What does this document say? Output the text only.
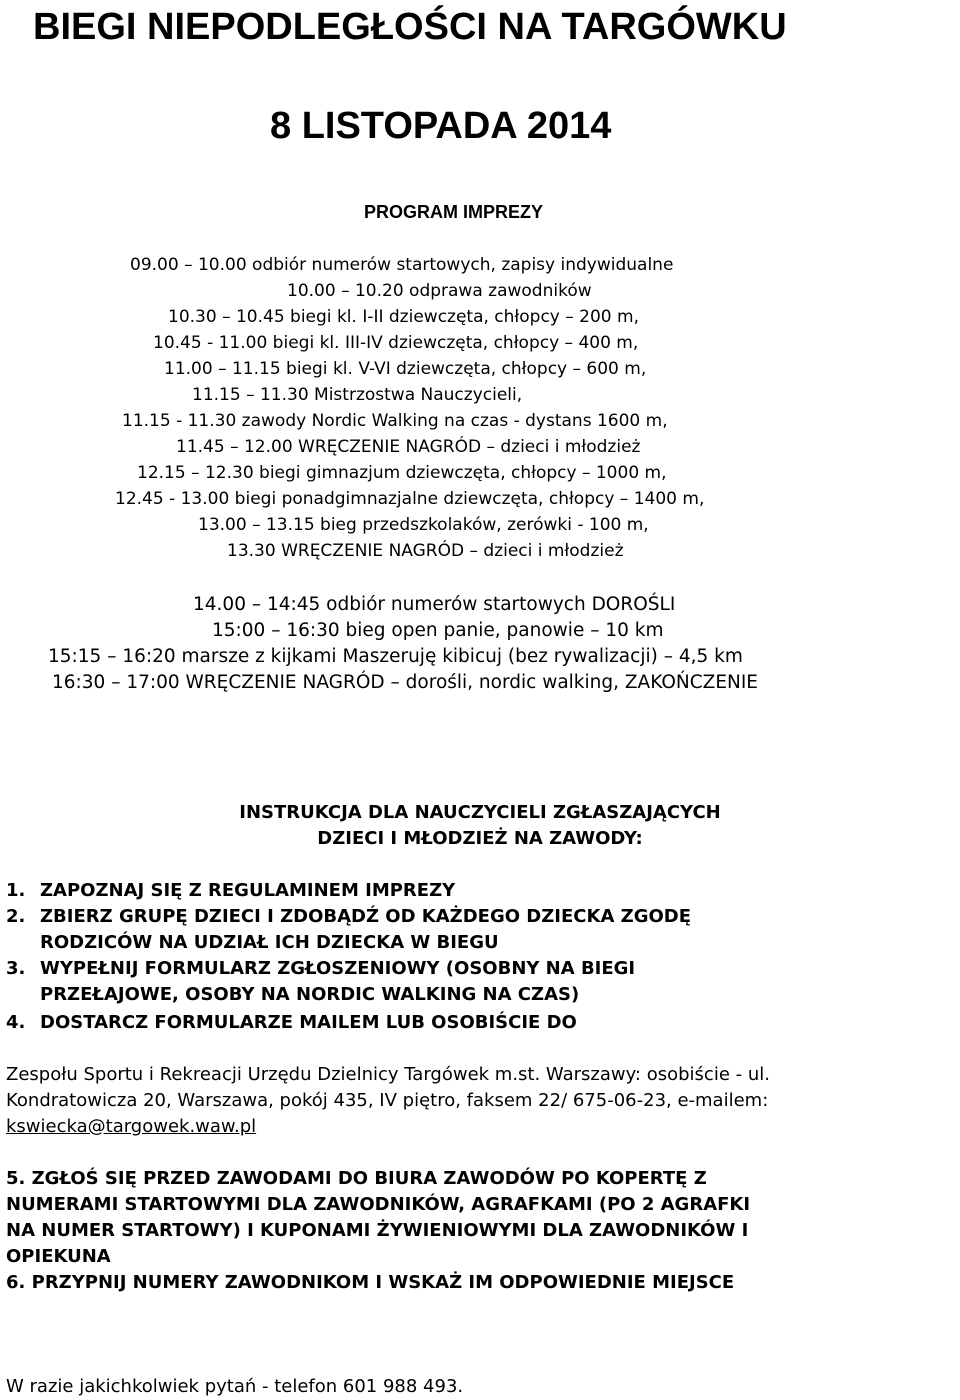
BIEGI NIEPODLEGŁOŚCI NA TARGÓWKU
8 LISTOPADA 2014
PROGRAM IMPREZY
09.00 – 10.00 odbiór numerów startowych, zapisy indywidualne
10.00 – 10.20 odprawa zawodników
10.30 – 10.45 biegi kl. I-II dziewczęta, chłopcy – 200 m,
10.45 - 11.00 biegi kl. III-IV dziewczęta, chłopcy – 400 m,
11.00 – 11.15 biegi kl. V-VI dziewczęta, chłopcy – 600 m,
11.15 – 11.30 Mistrzostwa Nauczycieli,
11.15 - 11.30 zawody Nordic Walking na czas - dystans 1600 m,
11.45 – 12.00 WRĘCZENIE NAGRÓD – dzieci i młodzież
12.15 – 12.30 biegi gimnazjum dziewczęta, chłopcy – 1000 m,
12.45 - 13.00 biegi ponadgimnazjalne dziewczęta, chłopcy – 1400 m,
13.00 – 13.15 bieg przedszkolaków, zerówki - 100 m,
13.30 WRĘCZENIE NAGRÓD – dzieci i młodzież
14.00 – 14:45 odbiór numerów startowych DOROŚLI
15:00 – 16:30 bieg open panie, panowie – 10 km
15:15 – 16:20 marsze z kijkami Maszeruję kibicuj (bez rywalizacji) – 4,5 km
16:30 – 17:00 WRĘCZENIE NAGRÓD – dorośli, nordic walking, ZAKOŃCZENIE
INSTRUKCJA DLA NAUCZYCIELI ZGŁASZAJĄCYCH
DZIECI I MŁODZIEŻ NA ZAWODY:
1. ZAPOZNAJ SIĘ Z REGULAMINEM IMPREZY
2. ZBIERZ GRUPĘ DZIECI I ZDOBĄDŹ OD KAŻDEGO DZIECKA ZGODĘ
RODZICÓW NA UDZIAŁ ICH DZIECKA W BIEGU
3. WYPEŁNIJ FORMULARZ ZGŁOSZENIOWY (OSOBNY NA BIEGI
PRZEŁAJOWE, OSOBY NA NORDIC WALKING NA CZAS)
4. DOSTARCZ FORMULARZE MAILEM LUB OSOBIŚCIE DO
Zespołu Sportu i Rekreacji Urzędu Dzielnicy Targówek m.st. Warszawy: osobiście - ul.
Kondratowicza 20, Warszawa, pokój 435, IV piętro, faksem 22/ 675-06-23, e-mailem:
kswiecka@targowek.waw.pl
5. ZGŁOŚ SIĘ PRZED ZAWODAMI DO BIURA ZAWODÓW PO KOPERTĘ Z
NUMERAMI STARTOWYMI DLA ZAWODNIKÓW, AGRAFKAMI (PO 2 AGRAFKI
NA NUMER STARTOWY) I KUPONAMI ŻYWIENIOWYMI DLA ZAWODNIKÓW I
OPIEKUNA
6. PRZYPNIJ NUMERY ZAWODNIKOM I WSKAŻ IM ODPOWIEDNIE MIEJSCE
W razie jakichkolwiek pytań - telefon 601 988 493.
